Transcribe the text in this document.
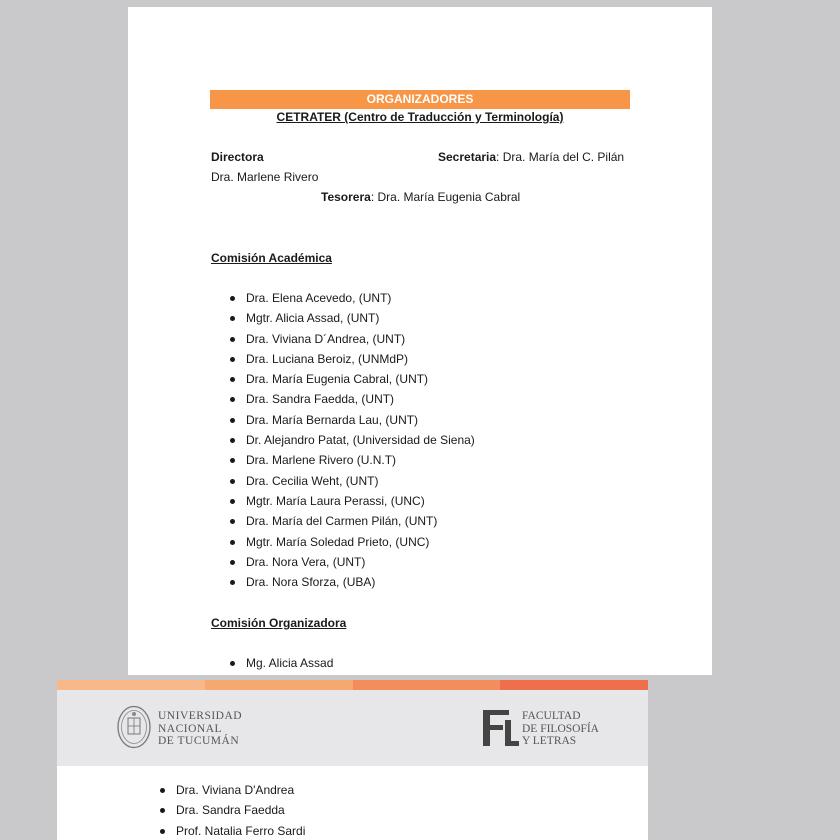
ORGANIZADORES
CETRATER (Centro de Traducción y Terminología)
Directora	Secretaria: Dra. María del C. Pilán
Dra. Marlene Rivero
Tesorera: Dra. María Eugenia Cabral
Comisión Académica
Dra. Elena Acevedo, (UNT)
Mgtr. Alicia Assad, (UNT)
Dra. Viviana D´Andrea, (UNT)
Dra. Luciana Beroiz, (UNMdP)
Dra. María Eugenia Cabral, (UNT)
Dra. Sandra Faedda, (UNT)
Dra. María Bernarda Lau, (UNT)
Dr. Alejandro Patat, (Universidad de Siena)
Dra. Marlene Rivero (U.N.T)
Dra. Cecilia Weht, (UNT)
Mgtr. María Laura Perassi, (UNC)
Dra. María del Carmen Pilán, (UNT)
Mgtr. María Soledad Prieto, (UNC)
Dra. Nora Vera, (UNT)
Dra. Nora Sforza, (UBA)
Comisión Organizadora
Mg. Alicia Assad
UNIVERSIDAD
NACIONAL
DE TUCUMÁN
FACULTAD
DE FILOSOFÍA
Y LETRAS
Dra. Viviana D'Andrea
Dra. Sandra Faedda
Prof. Natalia Ferro Sardi
